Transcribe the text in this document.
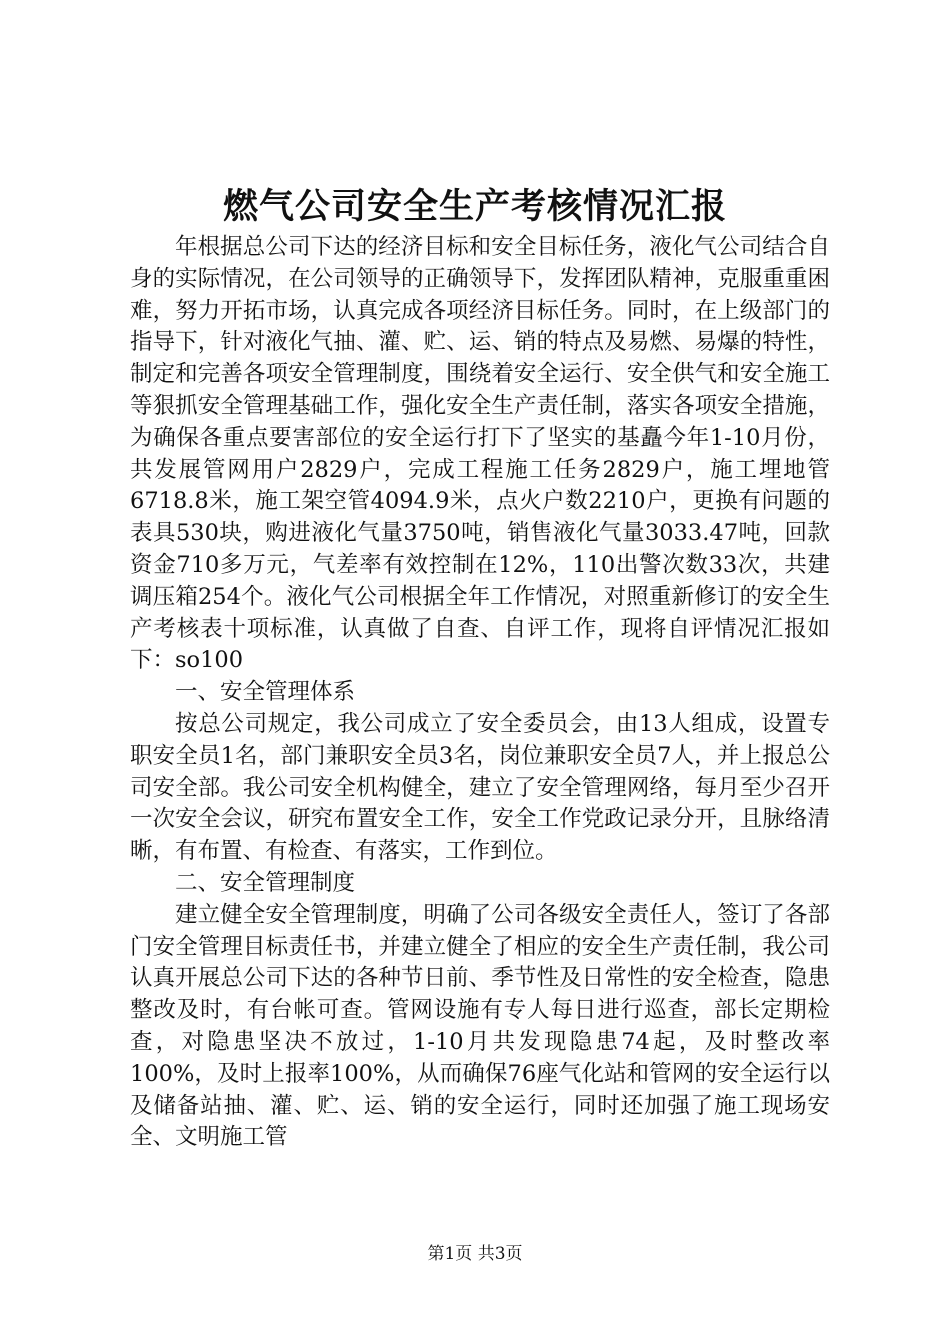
燃气公司安全生产考核情况汇报

年根据总公司下达的经济目标和安全目标任务，液化气公司结合自身的实际情况，在公司领导的正确领导下，发挥团队精神，克服重重困难，努力开拓市场，认真完成各项经济目标任务。同时，在上级部门的指导下，针对液化气抽、灌、贮、运、销的特点及易燃、易爆的特性，制定和完善各项安全管理制度，围绕着安全运行、安全供气和安全施工等狠抓安全管理基础工作，强化安全生产责任制，落实各项安全措施，为确保各重点要害部位的安全运行打下了坚实的基矗今年1-10月份，共发展管网用户2829户，完成工程施工任务2829户，施工埋地管6718.8米，施工架空管4094.9米，点火户数2210户，更换有问题的表具530块，购进液化气量3750吨，销售液化气量3033.47吨，回款资金710多万元，气差率有效控制在12%，110出警次数33次，共建调压箱254个。液化气公司根据全年工作情况，对照重新修订的安全生产考核表十项标准，认真做了自查、自评工作，现将自评情况汇报如下：so100

一、安全管理体系

按总公司规定，我公司成立了安全委员会，由13人组成，设置专职安全员1名，部门兼职安全员3名，岗位兼职安全员7人，并上报总公司安全部。我公司安全机构健全，建立了安全管理网络，每月至少召开一次安全会议，研究布置安全工作，安全工作党政记录分开，且脉络清晰，有布置、有检查、有落实，工作到位。

二、安全管理制度

建立健全安全管理制度，明确了公司各级安全责任人，签订了各部门安全管理目标责任书，并建立健全了相应的安全生产责任制，我公司认真开展总公司下达的各种节日前、季节性及日常性的安全检查，隐患整改及时，有台帐可查。管网设施有专人每日进行巡查，部长定期检查，对隐患坚决不放过，1-10月共发现隐患74起，及时整改率100%，及时上报率100%，从而确保76座气化站和管网的安全运行以及储备站抽、灌、贮、运、销的安全运行，同时还加强了施工现场安全、文明施工管

第1页 共3页
